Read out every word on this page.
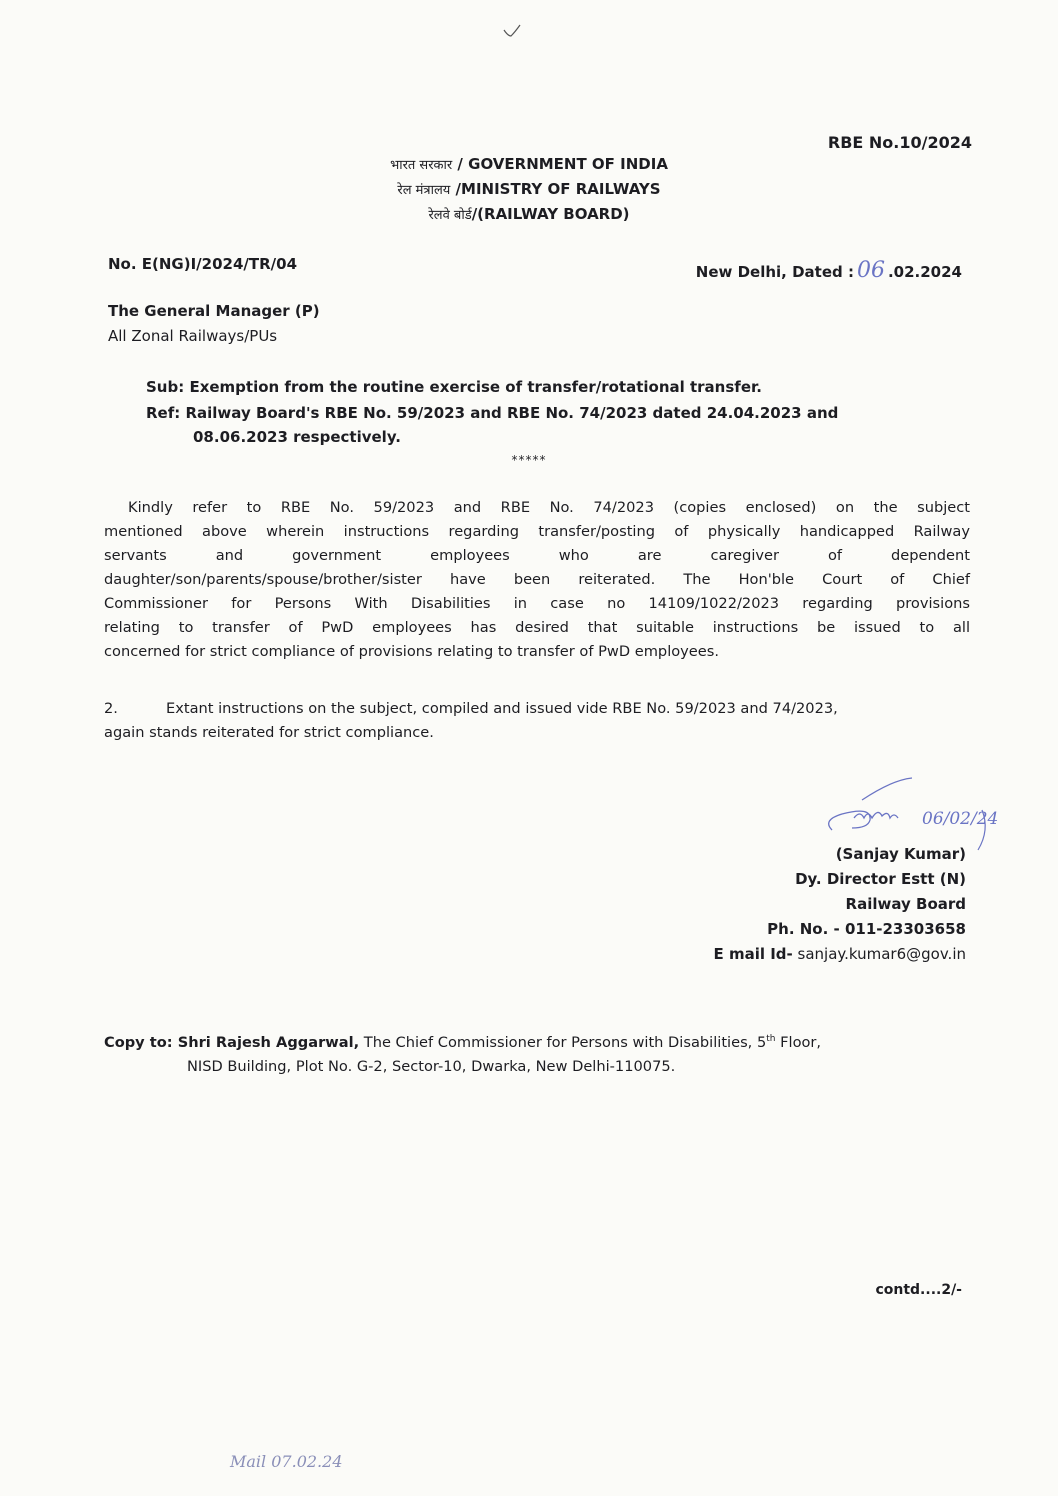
RBE No.10/2024
भारत सरकार / GOVERNMENT OF INDIA
रेल मंत्रालय /MINISTRY OF RAILWAYS
रेलवे बोर्ड/(RAILWAY BOARD)
No. E(NG)I/2024/TR/04	New Delhi, Dated : 06 .02.2024
The General Manager (P)
All Zonal Railways/PUs
Sub: Exemption from the routine exercise of transfer/rotational transfer.
Ref: Railway Board's RBE No. 59/2023 and RBE No. 74/2023 dated 24.04.2023 and
08.06.2023 respectively.
*****

Kindly refer to RBE No. 59/2023 and RBE No. 74/2023 (copies enclosed) on the subject

mentioned above wherein instructions regarding transfer/posting of physically handicapped Railway

servants and government employees who are caregiver of dependent

daughter/son/parents/spouse/brother/sister have been reiterated. The Hon'ble Court of Chief

Commissioner for Persons With Disabilities in case no 14109/1022/2023 regarding provisions

relating to transfer of PwD employees has desired that suitable instructions be issued to all

concerned for strict compliance of provisions relating to transfer of PwD employees.

2.	Extant instructions on the subject, compiled and issued vide RBE No. 59/2023 and 74/2023,

again stands reiterated for strict compliance.

06/02/24
(Sanjay Kumar)
Dy. Director Estt (N)
Railway Board
Ph. No. - 011-23303658
E mail Id- sanjay.kumar6@gov.in
Copy to: Shri Rajesh Aggarwal, The Chief Commissioner for Persons with Disabilities, 5th Floor,
NISD Building, Plot No. G-2, Sector-10, Dwarka, New Delhi-110075.
contd....2/-
Mail 07.02.24
